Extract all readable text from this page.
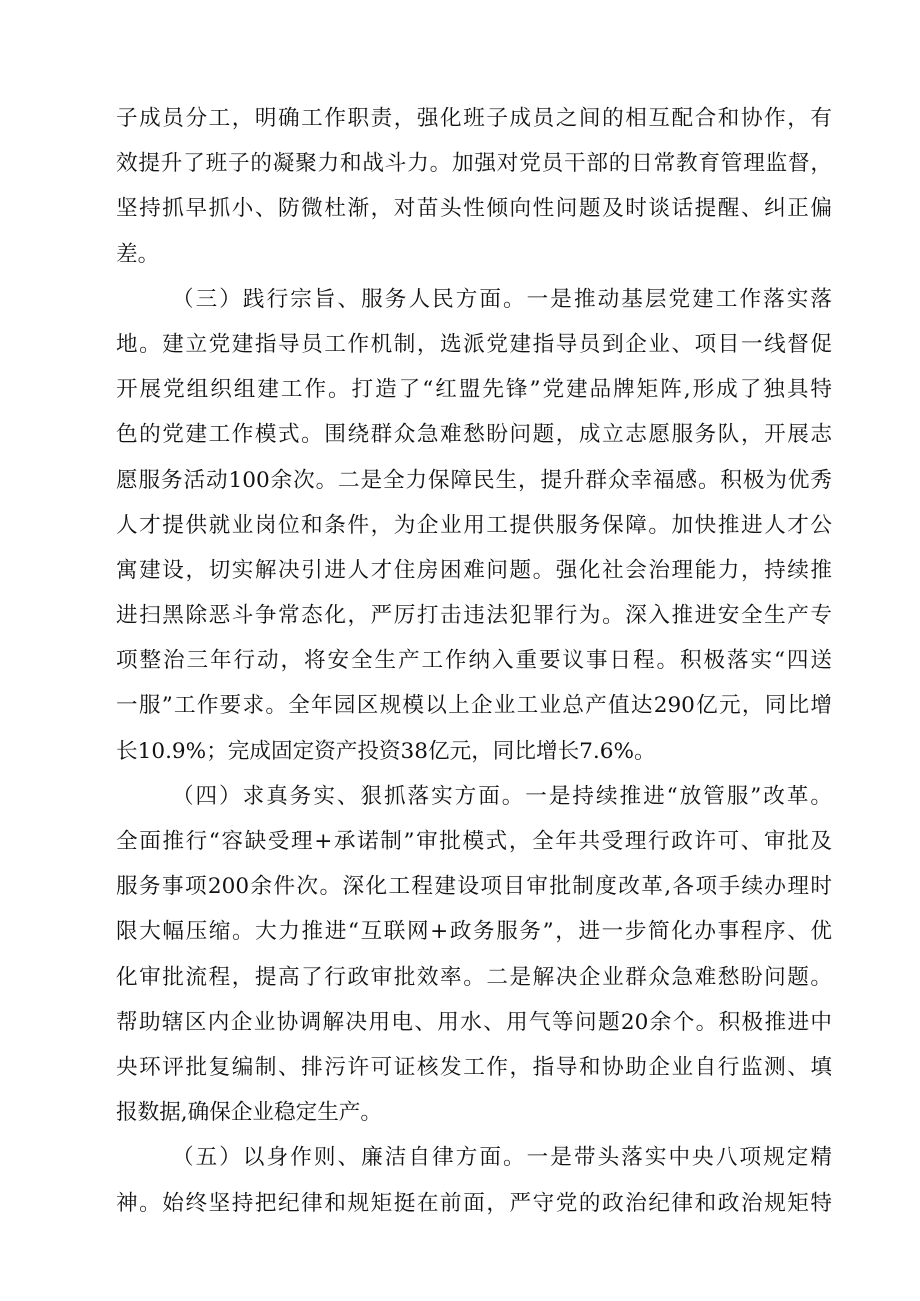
子成员分工，明确工作职责，强化班子成员之间的相互配合和协作，有
效提升了班子的凝聚力和战斗力。加强对党员干部的日常教育管理监督，
坚持抓早抓小、防微杜渐，对苗头性倾向性问题及时谈话提醒、纠正偏
差。
（三）践行宗旨、服务人民方面。一是推动基层党建工作落实落
地。建立党建指导员工作机制，选派党建指导员到企业、项目一线督促
开展党组织组建工作。打造了“红盟先锋”党建品牌矩阵,形成了独具特
色的党建工作模式。围绕群众急难愁盼问题，成立志愿服务队，开展志
愿服务活动100余次。二是全力保障民生，提升群众幸福感。积极为优秀
人才提供就业岗位和条件，为企业用工提供服务保障。加快推进人才公
寓建设，切实解决引进人才住房困难问题。强化社会治理能力，持续推
进扫黑除恶斗争常态化，严厉打击违法犯罪行为。深入推进安全生产专
项整治三年行动，将安全生产工作纳入重要议事日程。积极落实“四送
一服”工作要求。全年园区规模以上企业工业总产值达290亿元，同比增
长10.9%；完成固定资产投资38亿元，同比增长7.6%。
（四）求真务实、狠抓落实方面。一是持续推进“放管服”改革。
全面推行“容缺受理+承诺制”审批模式，全年共受理行政许可、审批及
服务事项200余件次。深化工程建设项目审批制度改革,各项手续办理时
限大幅压缩。大力推进“互联网+政务服务”，进一步简化办事程序、优
化审批流程，提高了行政审批效率。二是解决企业群众急难愁盼问题。
帮助辖区内企业协调解决用电、用水、用气等问题20余个。积极推进中
央环评批复编制、排污许可证核发工作，指导和协助企业自行监测、填
报数据,确保企业稳定生产。
（五）以身作则、廉洁自律方面。一是带头落实中央八项规定精
神。始终坚持把纪律和规矩挺在前面，严守党的政治纪律和政治规矩特
